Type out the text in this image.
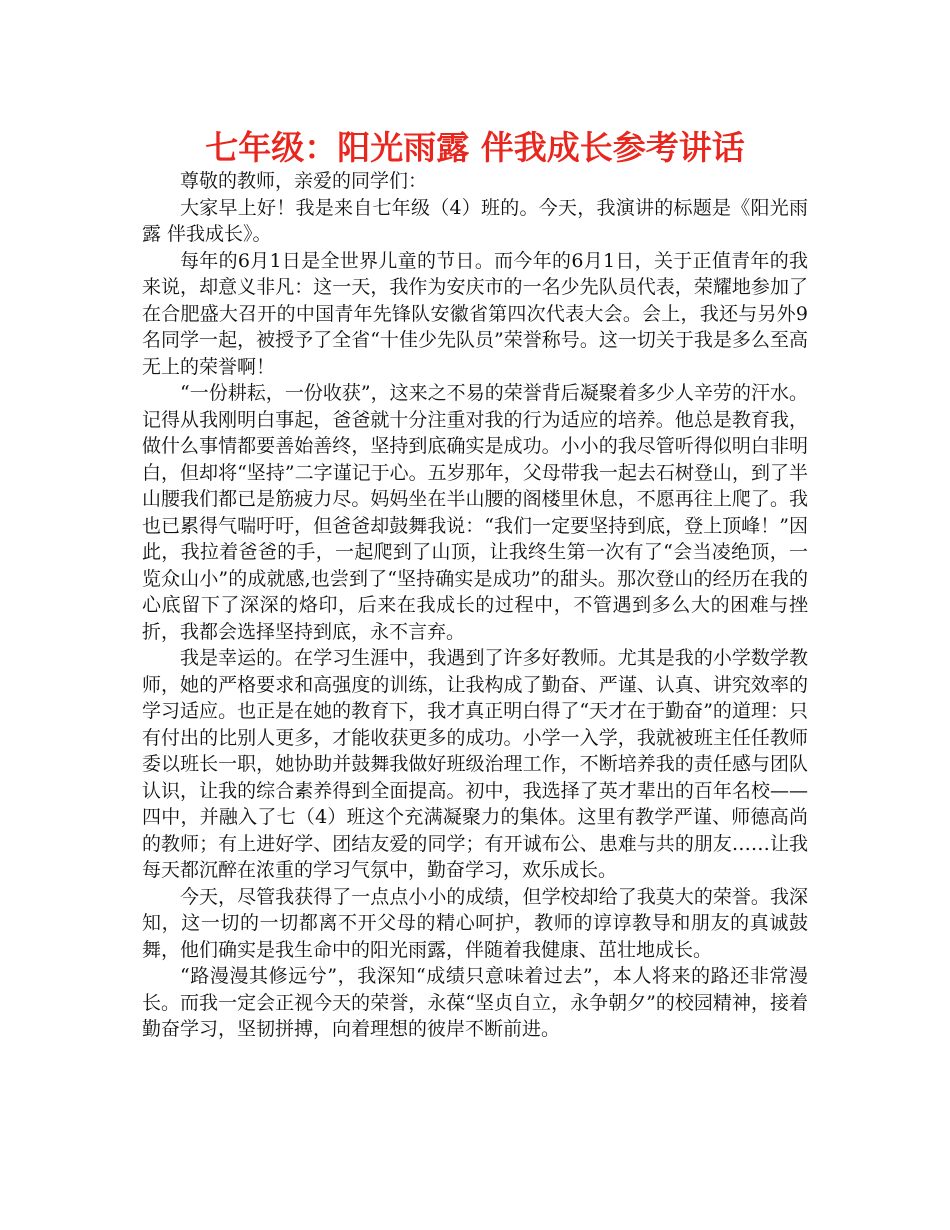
七年级：阳光雨露 伴我成长参考讲话

尊敬的教师，亲爱的同学们：

大家早上好！我是来自七年级（4）班的。今天，我演讲的标题是《阳光雨露 伴我成长》。

每年的6月1日是全世界儿童的节日。而今年的6月1日，关于正值青年的我来说，却意义非凡：这一天，我作为安庆市的一名少先队员代表，荣耀地参加了在合肥盛大召开的中国青年先锋队安徽省第四次代表大会。会上，我还与另外9名同学一起，被授予了全省“十佳少先队员”荣誉称号。这一切关于我是多么至高无上的荣誉啊！

“一份耕耘，一份收获”，这来之不易的荣誉背后凝聚着多少人辛劳的汗水。记得从我刚明白事起，爸爸就十分注重对我的行为适应的培养。他总是教育我，做什么事情都要善始善终，坚持到底确实是成功。小小的我尽管听得似明白非明白，但却将“坚持”二字谨记于心。五岁那年，父母带我一起去石树登山，到了半山腰我们都已是筋疲力尽。妈妈坐在半山腰的阁楼里休息，不愿再往上爬了。我也已累得气喘吁吁，但爸爸却鼓舞我说：“我们一定要坚持到底，登上顶峰！”因此，我拉着爸爸的手，一起爬到了山顶，让我终生第一次有了“会当凌绝顶，一览众山小”的成就感,也尝到了“坚持确实是成功”的甜头。那次登山的经历在我的心底留下了深深的烙印，后来在我成长的过程中，不管遇到多么大的困难与挫折，我都会选择坚持到底，永不言弃。

我是幸运的。在学习生涯中，我遇到了许多好教师。尤其是我的小学数学教师，她的严格要求和高强度的训练，让我构成了勤奋、严谨、认真、讲究效率的学习适应。也正是在她的教育下，我才真正明白得了“天才在于勤奋”的道理：只有付出的比别人更多，才能收获更多的成功。小学一入学，我就被班主任任教师委以班长一职，她协助并鼓舞我做好班级治理工作，不断培养我的责任感与团队认识，让我的综合素养得到全面提高。初中，我选择了英才辈出的百年名校——四中，并融入了七（4）班这个充满凝聚力的集体。这里有教学严谨、师德高尚的教师；有上进好学、团结友爱的同学；有开诚布公、患难与共的朋友……让我每天都沉醉在浓重的学习气氛中，勤奋学习，欢乐成长。

今天，尽管我获得了一点点小小的成绩，但学校却给了我莫大的荣誉。我深知，这一切的一切都离不开父母的精心呵护，教师的谆谆教导和朋友的真诚鼓舞，他们确实是我生命中的阳光雨露，伴随着我健康、茁壮地成长。

“路漫漫其修远兮”，我深知“成绩只意味着过去”，本人将来的路还非常漫长。而我一定会正视今天的荣誉，永葆“坚贞自立，永争朝夕”的校园精神，接着勤奋学习，坚韧拼搏，向着理想的彼岸不断前进。
